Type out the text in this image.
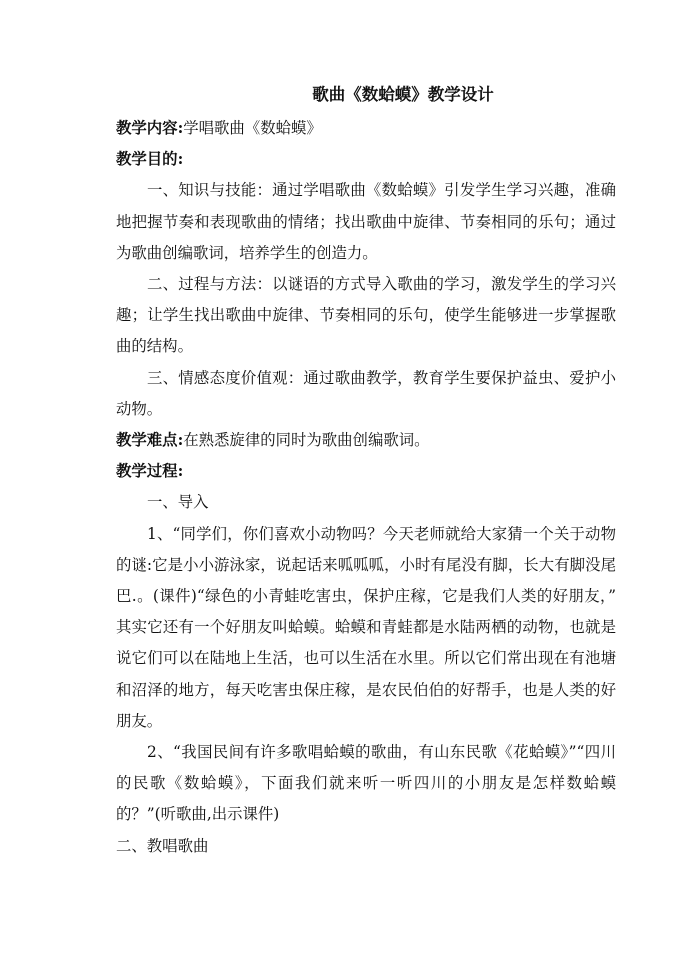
歌曲《数蛤蟆》教学设计

教学内容:学唱歌曲《数蛤蟆》

教学目的:

一、知识与技能：通过学唱歌曲《数蛤蟆》引发学生学习兴趣，准确地把握节奏和表现歌曲的情绪；找出歌曲中旋律、节奏相同的乐句；通过为歌曲创编歌词，培养学生的创造力。

二、过程与方法：以谜语的方式导入歌曲的学习，激发学生的学习兴趣；让学生找出歌曲中旋律、节奏相同的乐句，使学生能够进一步掌握歌曲的结构。

三、情感态度价值观：通过歌曲教学，教育学生要保护益虫、爱护小动物。

教学难点:在熟悉旋律的同时为歌曲创编歌词。

教学过程:

一、导入

1、“同学们，你们喜欢小动物吗？今天老师就给大家猜一个关于动物的谜:它是小小游泳家，说起话来呱呱呱，小时有尾没有脚，长大有脚没尾巴.。(课件)“绿色的小青蛙吃害虫，保护庄稼，它是我们人类的好朋友，” 其实它还有一个好朋友叫蛤蟆。蛤蟆和青蛙都是水陆两栖的动物，也就是说它们可以在陆地上生活，也可以生活在水里。所以它们常出现在有池塘和沼泽的地方，每天吃害虫保庄稼，是农民伯伯的好帮手，也是人类的好朋友。

2、“我国民间有许多歌唱蛤蟆的歌曲，有山东民歌《花蛤蟆》”“四川的民歌《数蛤蟆》，下面我们就来听一听四川的小朋友是怎样数蛤蟆的？”(听歌曲,出示课件)

二、教唱歌曲
